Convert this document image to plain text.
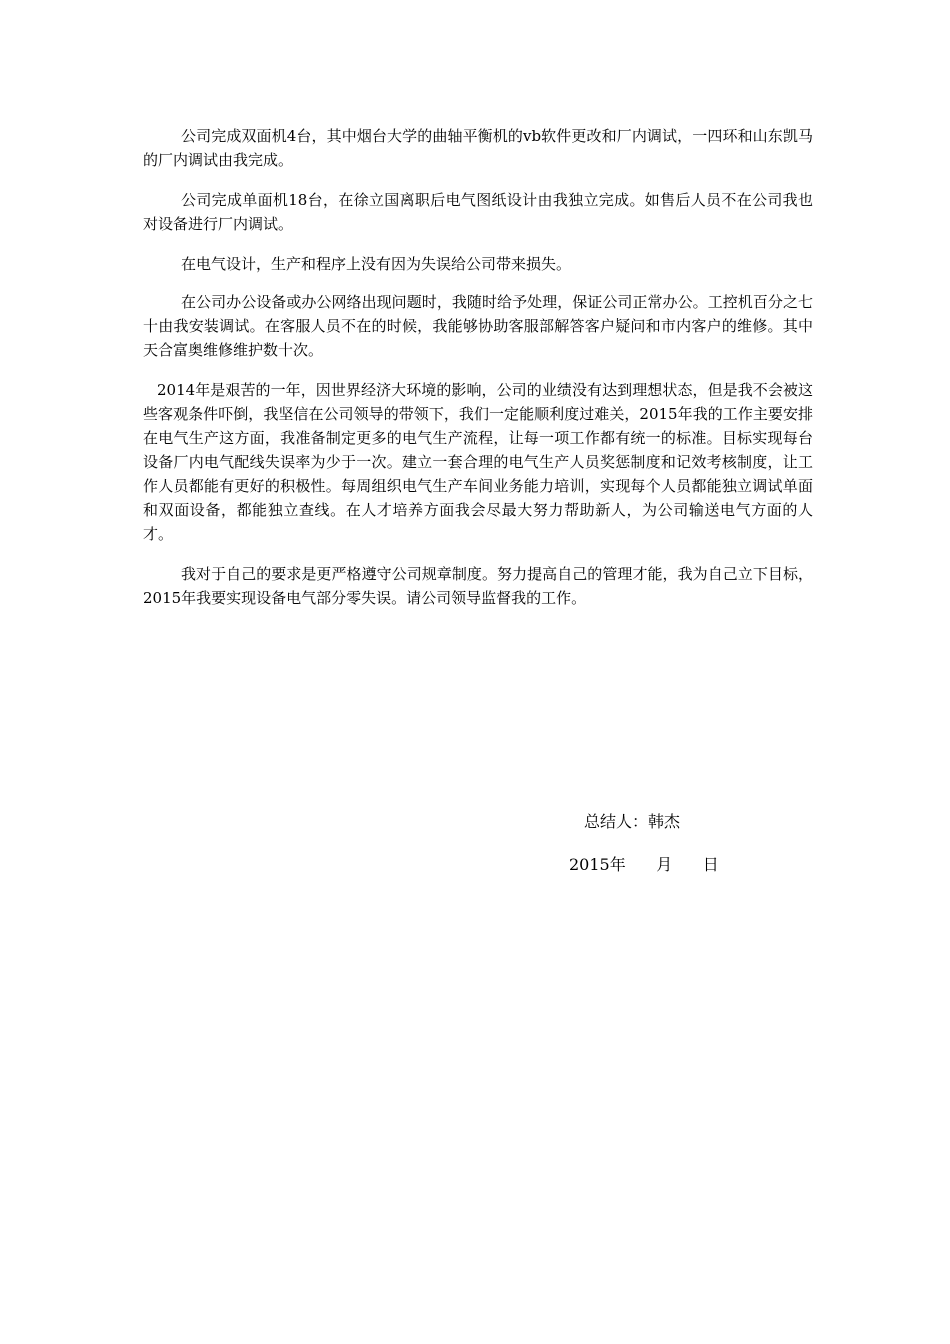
公司完成双面机4台，其中烟台大学的曲轴平衡机的vb软件更改和厂内调试，一四环和山东凯马的厂内调试由我完成。

公司完成单面机18台，在徐立国离职后电气图纸设计由我独立完成。如售后人员不在公司我也对设备进行厂内调试。

在电气设计，生产和程序上没有因为失误给公司带来损失。

在公司办公设备或办公网络出现问题时，我随时给予处理，保证公司正常办公。工控机百分之七十由我安装调试。在客服人员不在的时候，我能够协助客服部解答客户疑问和市内客户的维修。其中天合富奥维修维护数十次。

2014年是艰苦的一年，因世界经济大环境的影响，公司的业绩没有达到理想状态，但是我不会被这些客观条件吓倒，我坚信在公司领导的带领下，我们一定能顺利度过难关，2015年我的工作主要安排在电气生产这方面，我准备制定更多的电气生产流程，让每一项工作都有统一的标准。目标实现每台设备厂内电气配线失误率为少于一次。建立一套合理的电气生产人员奖惩制度和记效考核制度，让工作人员都能有更好的积极性。每周组织电气生产车间业务能力培训，实现每个人员都能独立调试单面和双面设备，都能独立查线。在人才培养方面我会尽最大努力帮助新人，为公司输送电气方面的人才。

我对于自己的要求是更严格遵守公司规章制度。努力提高自己的管理才能，我为自己立下目标，2015年我要实现设备电气部分零失误。请公司领导监督我的工作。

总结人：韩杰
2015年      月      日
